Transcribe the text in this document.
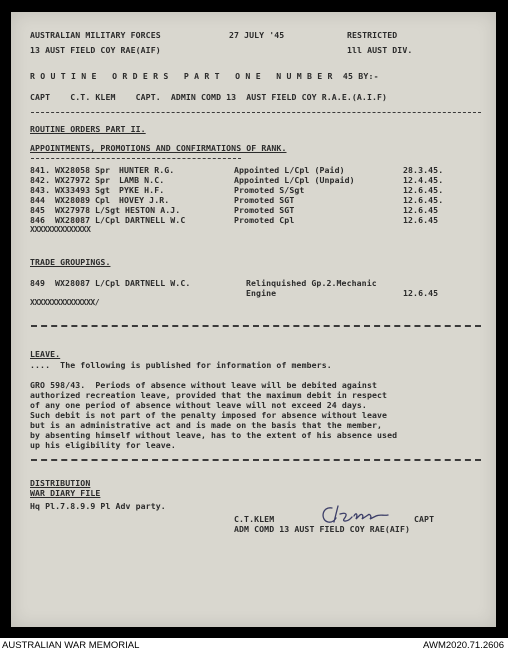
AUSTRALIAN MILITARY FORCES	27 JULY '45	RESTRICTED
13 AUST FIELD COY RAE(AIF)	1ll AUST DIV.
R O U T I N E   O R D E R S   P A R T   O N E   N U M B E R  45 BY:-
CAPT    C.T. KLEM    CAPT.  ADMIN COMD 13  AUST FIELD COY R.A.E.(A.I.F)
ROUTINE ORDERS PART II.
APPOINTMENTS, PROMOTIONS AND CONFIRMATIONS OF RANK.
841. WX28058 Spr HUNTER R.G.	Appointed L/Cpl (Paid)	28.3.45.
842. WX27972 Spr LAMB N.C.	Appointed L/Cpl (Unpaid)	12.4.45.
843. WX33493 Sgt PYKE H.F.	Promoted S/Sgt	12.6.45.
844 WX28089 Cpl HOVEY J.R.	Promoted SGT	12.6.45.
845 WX27978 L/Sgt HESTON A.J.	Promoted SGT	12.6.45
846 WX28087 L/Cpl DARTNELL W.C	Promoted Cpl	12.6.45
XXXXXXXXXXXXXX
TRADE GROUPINGS.
849 WX28087 L/Cpl DARTNELL W.C.	Relinquished Gp.2.Mechanic
Engine	12.6.45
XXXXXXXXXXXXXXX/
LEAVE.
....  The following is published for information of members.
GRO 598/43.  Periods of absence without leave will be debited against
authorized recreation leave, provided that the maximum debit in respect
of any one period of absence without leave will not exceed 24 days.
Such debit is not part of the penalty imposed for absence without leave
but is an administrative act and is made on the basis that the member,
by absenting himself without leave, has to the extent of his absence used
up his eligibility for leave.
DISTRIBUTION
WAR DIARY FILE
Hq Pl.7.8.9.9 Pl Adv party.
C.T.KLEM	CAPT
ADM COMD 13 AUST FIELD COY RAE(AIF)
AUSTRALIAN WAR MEMORIAL	AWM2020.71.2606
